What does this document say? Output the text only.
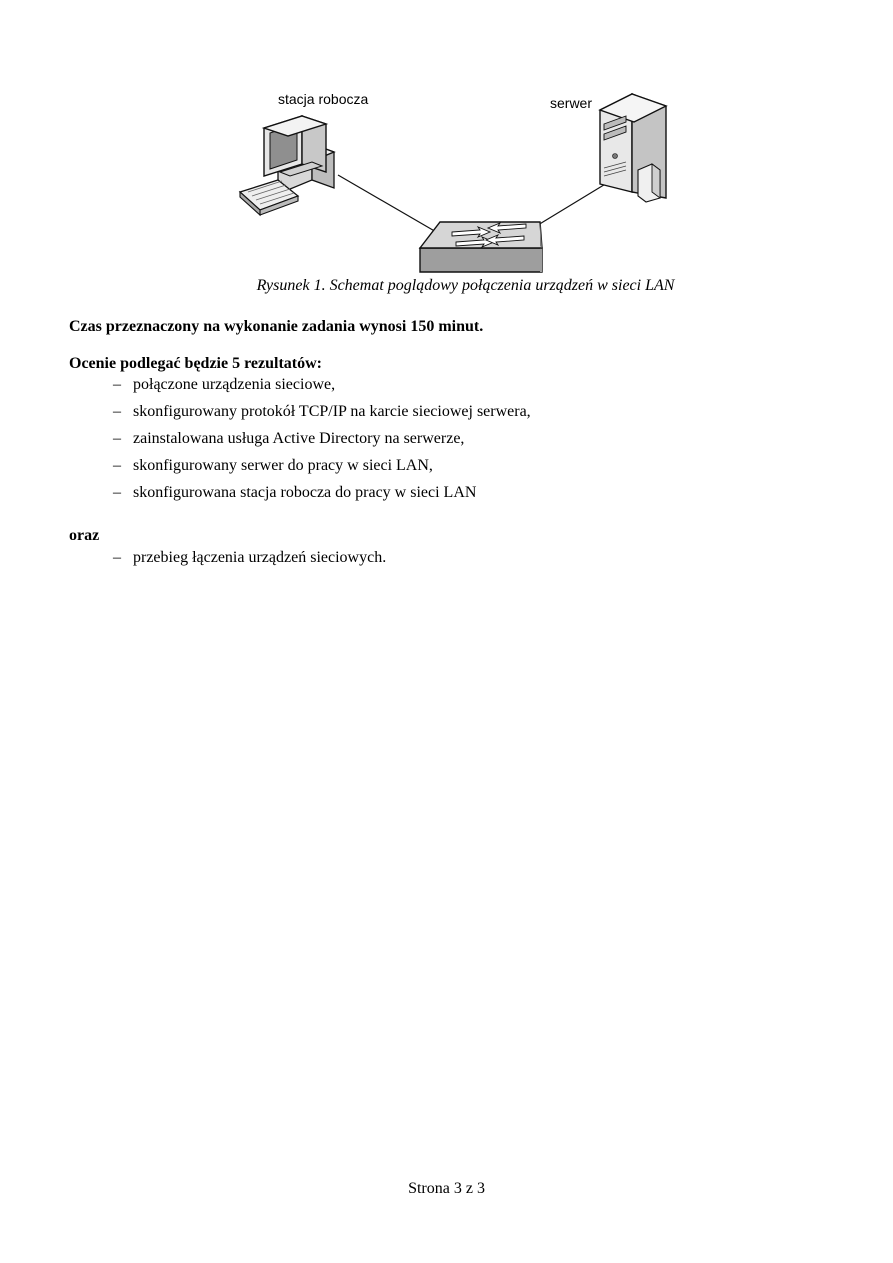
stacja robocza	serwer

Rysunek 1. Schemat poglądowy połączenia urządzeń w sieci LAN

Czas przeznaczony na wykonanie zadania wynosi 150 minut.

Ocenie podlegać będzie 5 rezultatów:

– połączone urządzenia sieciowe,
– skonfigurowany protokół TCP/IP na karcie sieciowej serwera,
– zainstalowana usługa Active Directory na serwerze,
– skonfigurowany serwer do pracy w sieci LAN,
– skonfigurowana stacja robocza do pracy w sieci LAN

oraz

– przebieg łączenia urządzeń sieciowych.

Strona 3 z 3
